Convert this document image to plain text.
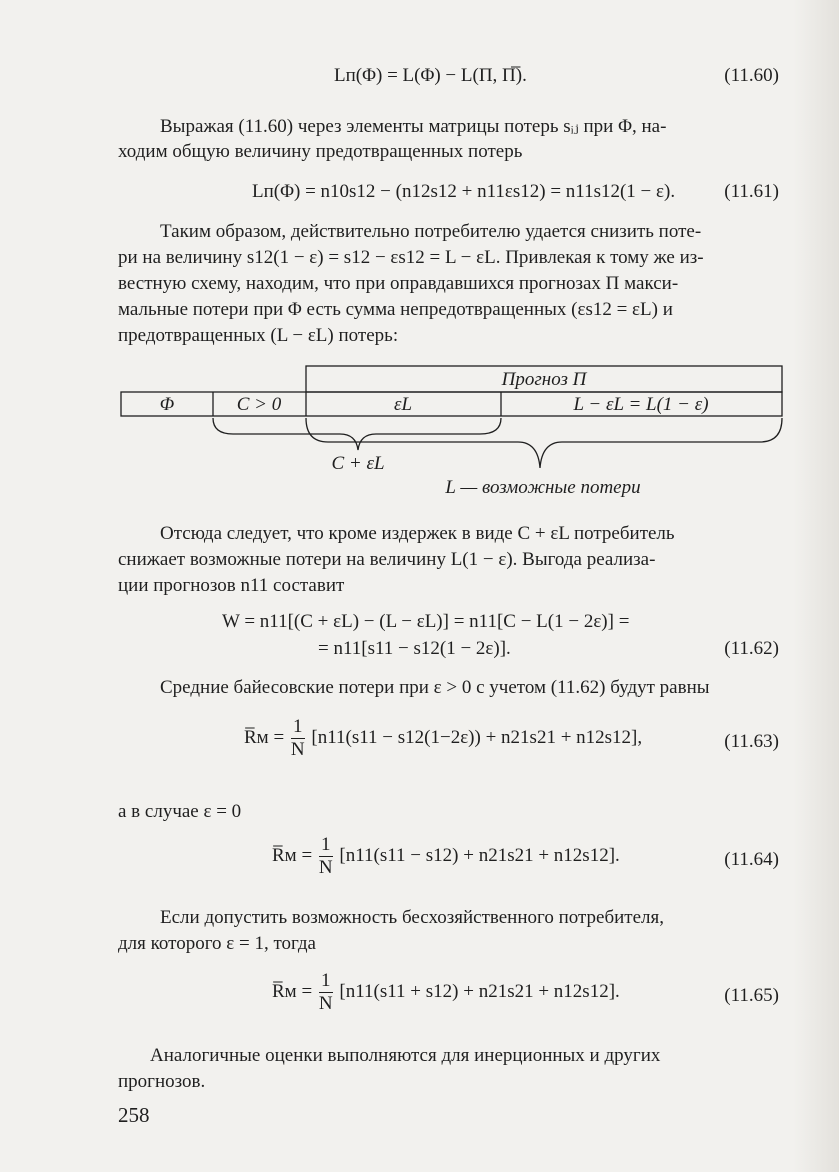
Lп(Φ) = L(Φ) − L(П, П̅).	(11.60)
Выражая (11.60) через элементы матрицы потерь sᵢⱼ при Φ, на-
ходим общую величину предотвращенных потерь
Lп(Φ) = n10s12 − (n12s12 + n11εs12) = n11s12(1 − ε).	(11.61)
Таким образом, действительно потребителю удается снизить поте-
ри на величину s12(1 − ε) = s12 − εs12 = L − εL. Привлекая к тому же из-
вестную схему, находим, что при оправдавшихся прогнозах П макси-
мальные потери при Φ есть сумма непредотвращенных (εs12 = εL) и
предотвращенных (L − εL) потерь:
Прогноз П
Φ	C > 0	εL	L − εL = L(1 − ε)
C + εL
L — возможные потери
Отсюда следует, что кроме издержек в виде C + εL потребитель
снижает возможные потери на величину L(1 − ε). Выгода реализа-
ции прогнозов n11 составит
W = n11[(C + εL) − (L − εL)] = n11[C − L(1 − 2ε)] =
= n11[s11 − s12(1 − 2ε)].	(11.62)
Средние байесовские потери при ε > 0 с учетом (11.62) будут равны
R̅м = $\frac{1}{N} [n11(s11 - s12(1-2\varepsilon)) + n21s21 + n12s12]$,	(11.63)
а в случае ε = 0
R̅м = $\frac{1}{N} [n11(s11 - s12) + n21s21 + n12s12]$.	(11.64)
Если допустить возможность бесхозяйственного потребителя,
для которого ε = 1, тогда
R̅м = $\frac{1}{N} [n11(s11 + s12) + n21s21 + n12s12]$.	(11.65)
Аналогичные оценки выполняются для инерционных и других
прогнозов.
258
